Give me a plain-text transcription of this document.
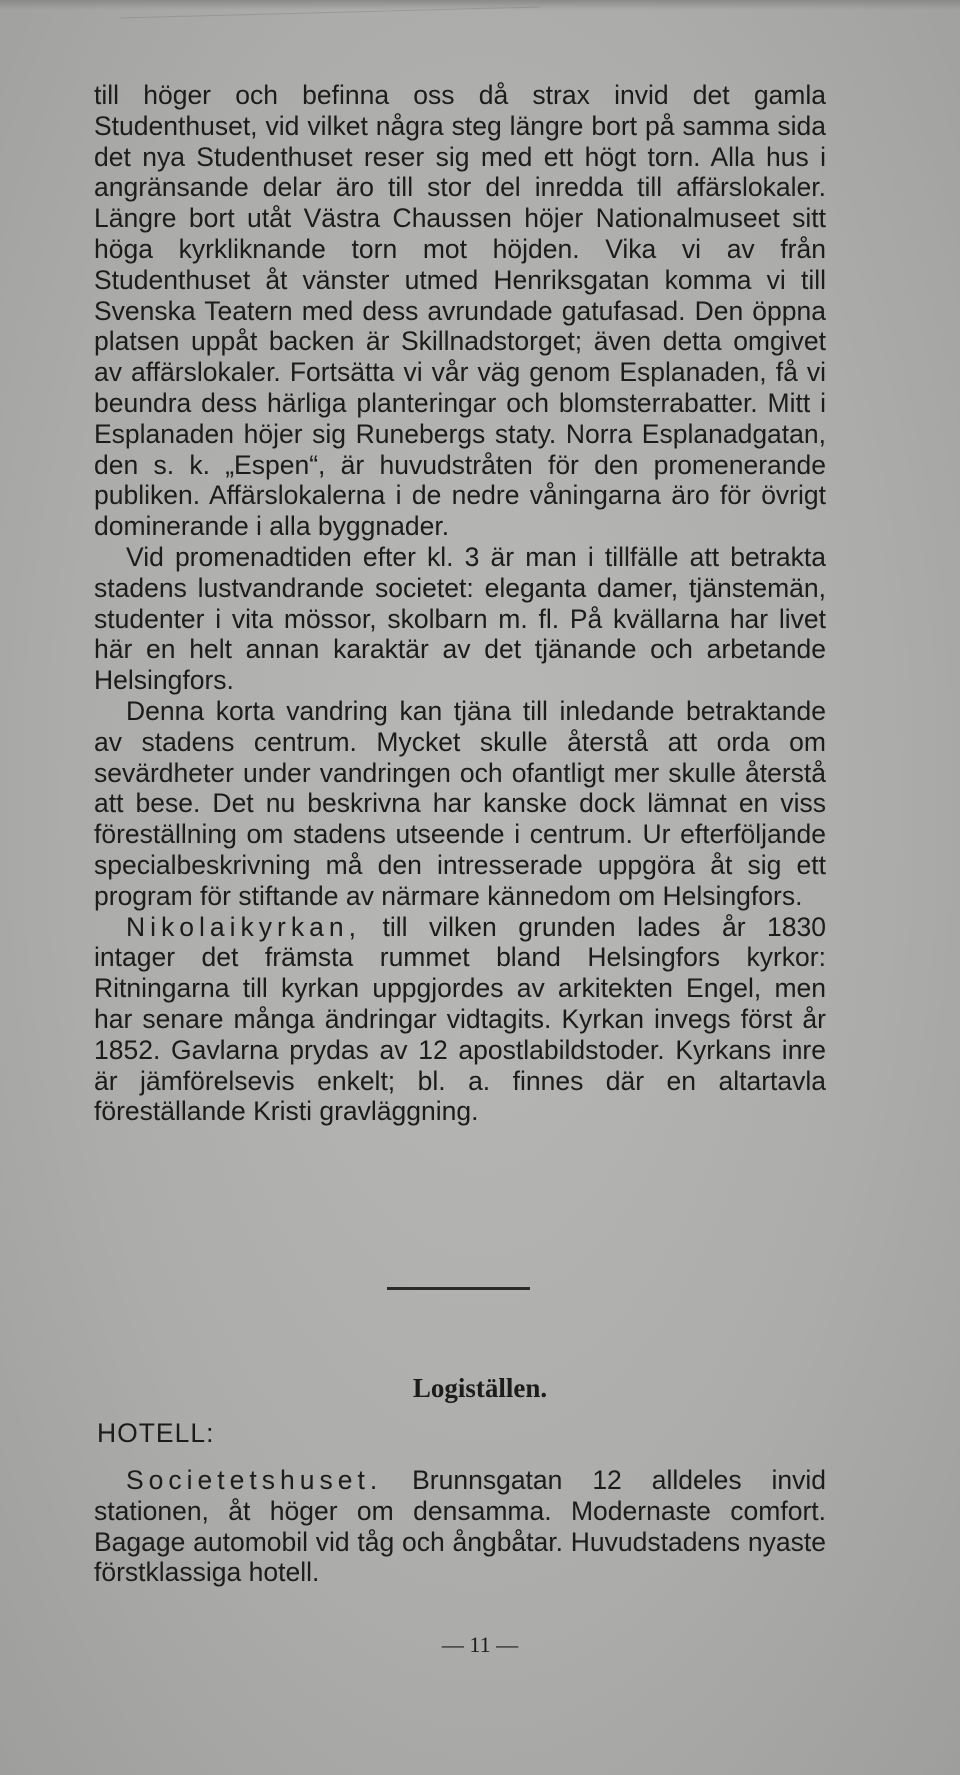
till höger och befinna oss då strax invid det gamla Studenthuset, vid vilket några steg längre bort på samma sida det nya Studenthuset reser sig med ett högt torn. Alla hus i angränsande delar äro till stor del inredda till affärslokaler. Längre bort utåt Västra Chaussen höjer Nationalmuseet sitt höga kyrkliknande torn mot höjden. Vika vi av från Studenthuset åt vänster utmed Henriksgatan komma vi till Svenska Teatern med dess avrundade gatufasad. Den öppna platsen uppåt backen är Skillnadstorget; även detta omgivet av affärslokaler. Fortsätta vi vår väg genom Esplanaden, få vi beundra dess härliga planteringar och blomsterrabatter. Mitt i Esplanaden höjer sig Runebergs staty. Norra Esplanadgatan, den s. k. „Espen“, är huvudstråten för den promenerande publiken. Affärslokalerna i de nedre våningarna äro för övrigt dominerande i alla byggnader.

Vid promenadtiden efter kl. 3 är man i tillfälle att betrakta stadens lustvandrande societet: eleganta damer, tjänstemän, studenter i vita mössor, skolbarn m. fl. På kvällarna har livet här en helt annan karaktär av det tjänande och arbetande Helsingfors.

Denna korta vandring kan tjäna till inledande betraktande av stadens centrum. Mycket skulle återstå att orda om sevärdheter under vandringen och ofantligt mer skulle återstå att bese. Det nu beskrivna har kanske dock lämnat en viss föreställning om stadens utseende i centrum. Ur efterföljande specialbeskrivning må den intresserade uppgöra åt sig ett program för stiftande av närmare kännedom om Helsingfors.

Nikolaikyrkan, till vilken grunden lades år 1830 intager det främsta rummet bland Helsingfors kyrkor: Ritningarna till kyrkan uppgjordes av arkitekten Engel, men har senare många ändringar vidtagits. Kyrkan invegs först år 1852. Gavlarna prydas av 12 apostlabildstoder. Kyrkans inre är jämförelsevis enkelt; bl. a. finnes där en altartavla föreställande Kristi gravläggning.

Logiställen.
HOTELL:

Societetshuset. Brunnsgatan 12 alldeles invid stationen, åt höger om densamma. Modernaste comfort. Bagage automobil vid tåg och ångbåtar. Huvudstadens nyaste förstklassiga hotell.

— 11 —
